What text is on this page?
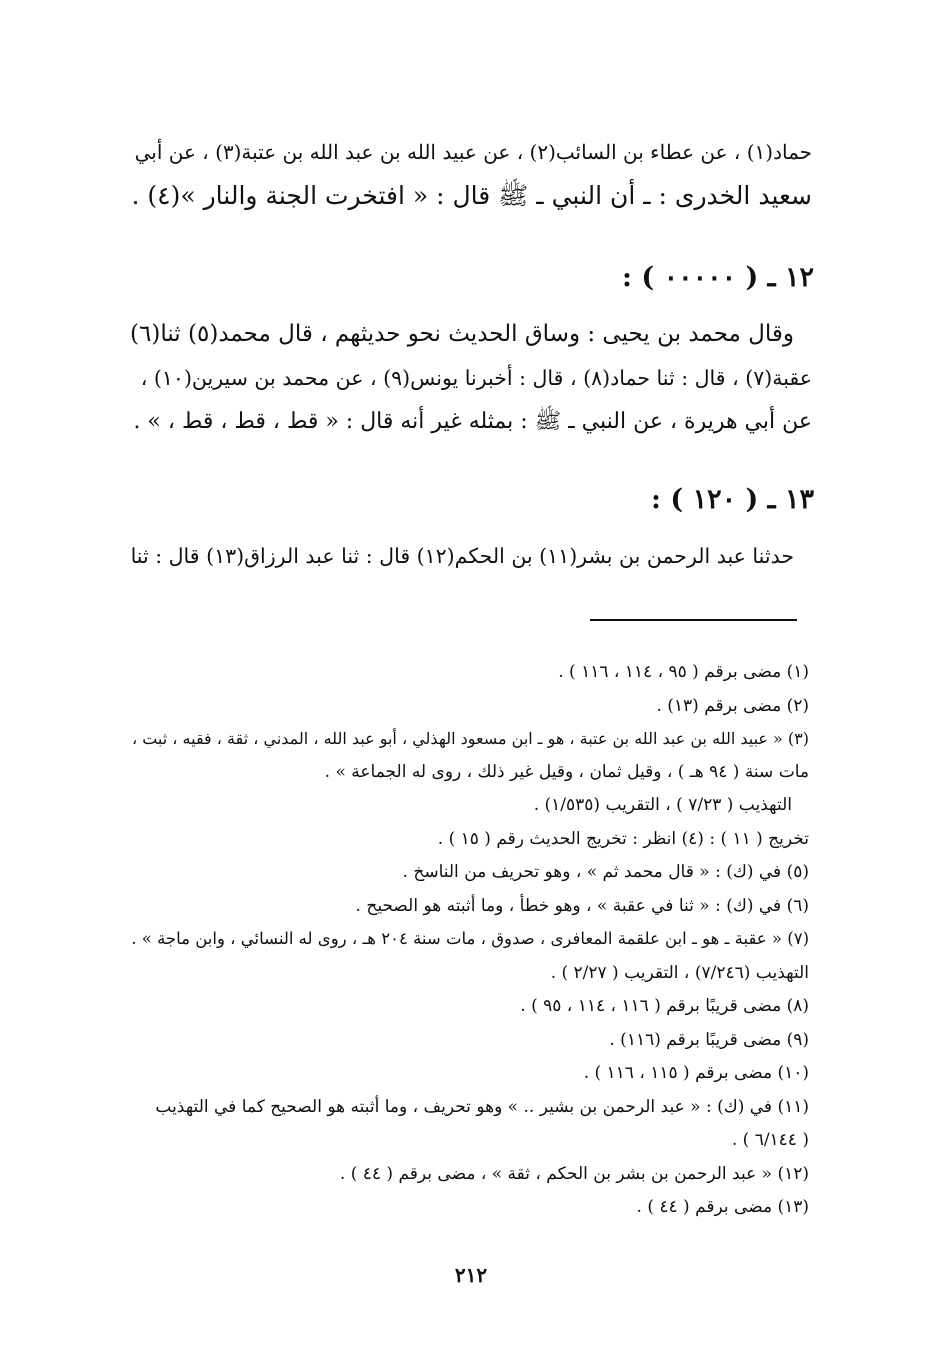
حماد(١) ، عن عطاء بن السائب(٢) ، عن عبيد الله بن عبد الله بن عتبة(٣) ، عن أبي
سعيد الخدرى : ـ أن النبي ـ ﷺ قال : « افتخرت الجنة والنار »(٤) .
١٢ ـ ( ٠٠٠٠٠ ) :
وقال محمد بن يحيى : وساق الحديث نحو حديثهم ، قال محمد(٥) ثنا(٦)
عقبة(٧) ، قال : ثنا حماد(٨) ، قال : أخبرنا يونس(٩) ، عن محمد بن سيرين(١٠) ،
عن أبي هريرة ، عن النبي ـ ﷺ : بمثله غير أنه قال : « قط ، قط ، قط ، » .
١٣ ـ ( ١٢٠ ) :
حدثنا عبد الرحمن بن بشر(١١) بن الحكم(١٢) قال : ثنا عبد الرزاق(١٣) قال : ثنا
(١) مضى برقم ( ٩٥ ، ١١٤ ، ١١٦ ) .
(٢) مضى برقم (١٣) .
(٣) « عبيد الله بن عبد الله بن عتبة ، هو ـ ابن مسعود الهذلي ، أبو عبد الله ، المدني ، ثقة ، فقيه ، ثبت ،
مات سنة ( ٩٤ هـ ) ، وقيل ثمان ، وقيل غير ذلك ، روى له الجماعة » .
التهذيب ( ٧/٢٣ ) ، التقريب (١/٥٣٥) .
تخريج ( ١١ ) : (٤) انظر : تخريج الحديث رقم ( ١٥ ) .
(٥) في (ك) : « قال محمد ثم » ، وهو تحريف من الناسخ .
(٦) في (ك) : « ثنا في عقبة » ، وهو خطأ ، وما أثبته هو الصحيح .
(٧) « عقبة ـ هو ـ ابن علقمة المعافرى ، صدوق ، مات سنة ٢٠٤ هـ ، روى له النسائي ، وابن ماجة » .
التهذيب (٧/٢٤٦) ، التقريب ( ٢/٢٧ ) .
(٨) مضى قريبًا برقم ( ١١٦ ، ١١٤ ، ٩٥ ) .
(٩) مضى قريبًا برقم (١١٦) .
(١٠) مضى برقم ( ١١٥ ، ١١٦ ) .
(١١) في (ك) : « عبد الرحمن بن بشير .. » وهو تحريف ، وما أثبته هو الصحيح كما في التهذيب
( ٦/١٤٤ ) .
(١٢) « عبد الرحمن بن بشر بن الحكم ، ثقة » ، مضى برقم ( ٤٤ ) .
(١٣) مضى برقم ( ٤٤ ) .
٢١٢
